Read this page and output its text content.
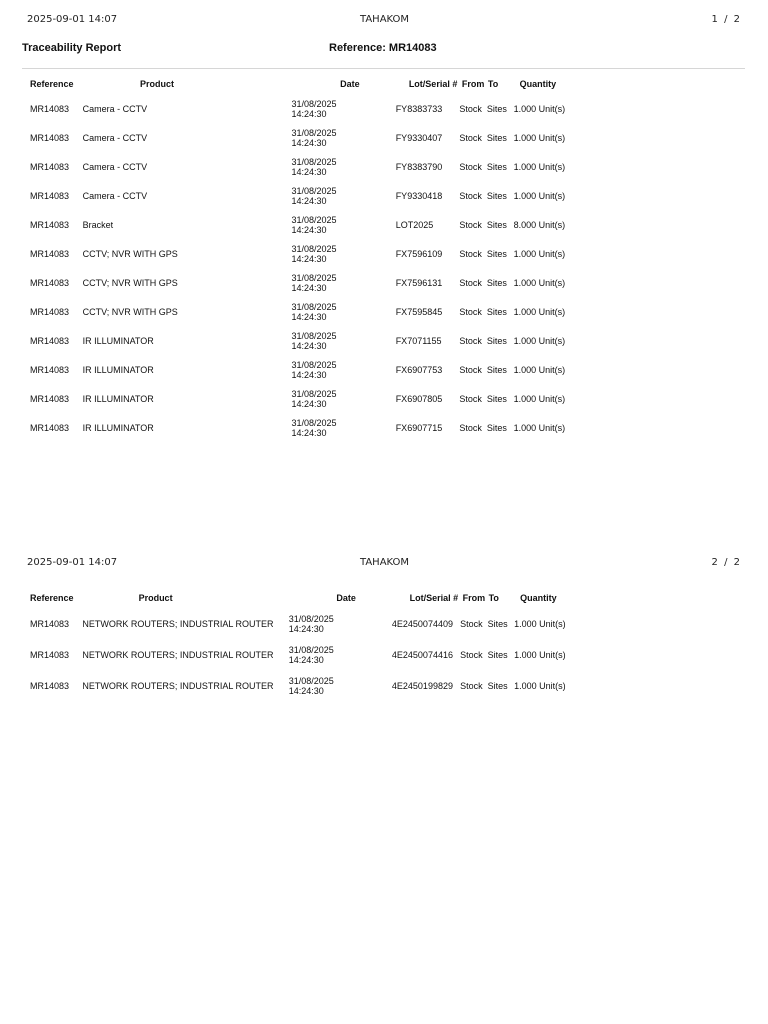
2025-09-01 14:07	TAHAKOM	1 / 2
Traceability Report	Reference: MR14083
Reference	Product	Date	Lot/Serial #	From	To	Quantity
MR14083	Camera - CCTV	31/08/2025
14:24:30	FY8383733	Stock	Sites	1.000 Unit(s)
MR14083	Camera - CCTV	31/08/2025
14:24:30	FY9330407	Stock	Sites	1.000 Unit(s)
MR14083	Camera - CCTV	31/08/2025
14:24:30	FY8383790	Stock	Sites	1.000 Unit(s)
MR14083	Camera - CCTV	31/08/2025
14:24:30	FY9330418	Stock	Sites	1.000 Unit(s)
MR14083	Bracket	31/08/2025
14:24:30	LOT2025	Stock	Sites	8.000 Unit(s)
MR14083	CCTV; NVR WITH GPS	31/08/2025
14:24:30	FX7596109	Stock	Sites	1.000 Unit(s)
MR14083	CCTV; NVR WITH GPS	31/08/2025
14:24:30	FX7596131	Stock	Sites	1.000 Unit(s)
MR14083	CCTV; NVR WITH GPS	31/08/2025
14:24:30	FX7595845	Stock	Sites	1.000 Unit(s)
MR14083	IR ILLUMINATOR	31/08/2025
14:24:30	FX7071155	Stock	Sites	1.000 Unit(s)
MR14083	IR ILLUMINATOR	31/08/2025
14:24:30	FX6907753	Stock	Sites	1.000 Unit(s)
MR14083	IR ILLUMINATOR	31/08/2025
14:24:30	FX6907805	Stock	Sites	1.000 Unit(s)
MR14083	IR ILLUMINATOR	31/08/2025
14:24:30	FX6907715	Stock	Sites	1.000 Unit(s)
2025-09-01 14:07	TAHAKOM	2 / 2
Reference	Product	Date	Lot/Serial #	From	To	Quantity
MR14083	NETWORK ROUTERS; INDUSTRIAL ROUTER	31/08/2025
14:24:30	4E2450074409	Stock	Sites	1.000 Unit(s)
MR14083	NETWORK ROUTERS; INDUSTRIAL ROUTER	31/08/2025
14:24:30	4E2450074416	Stock	Sites	1.000 Unit(s)
MR14083	NETWORK ROUTERS; INDUSTRIAL ROUTER	31/08/2025
14:24:30	4E2450199829	Stock	Sites	1.000 Unit(s)
